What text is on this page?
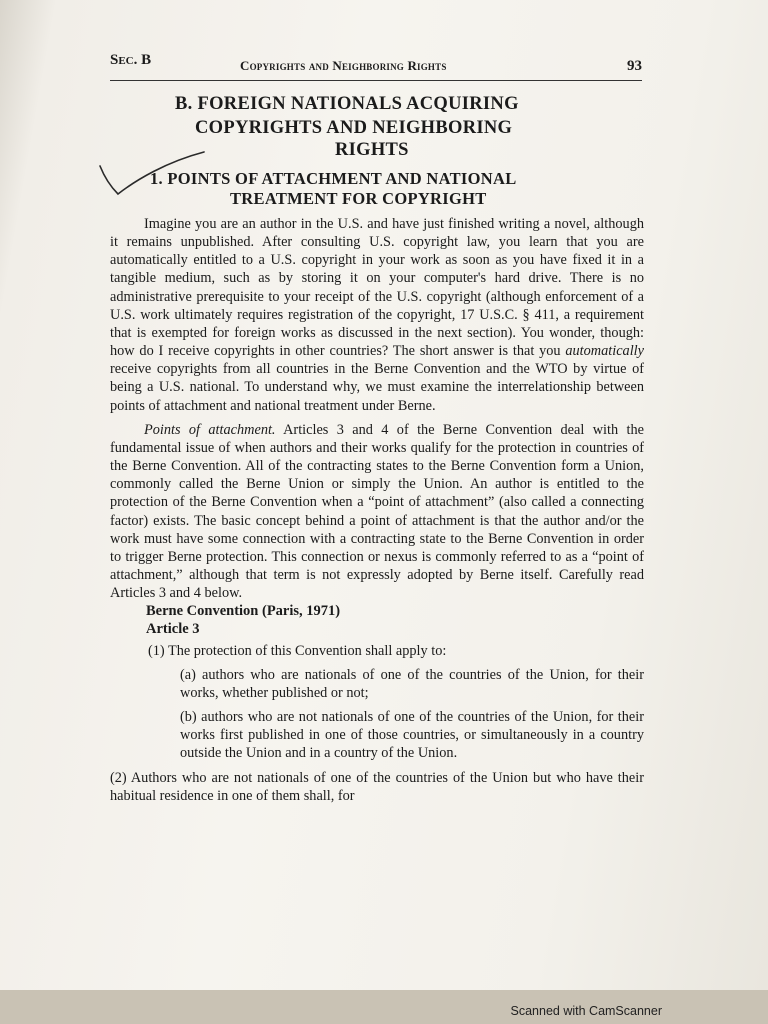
Sec. B	Copyrights and Neighboring Rights	93
B. FOREIGN NATIONALS ACQUIRING
COPYRIGHTS AND NEIGHBORING
RIGHTS
1. POINTS OF ATTACHMENT AND NATIONAL
TREATMENT FOR COPYRIGHT

Imagine you are an author in the U.S. and have just finished writing a novel, although it remains unpublished. After consulting U.S. copyright law, you learn that you are automatically entitled to a U.S. copyright in your work as soon as you have fixed it in a tangible medium, such as by storing it on your computer's hard drive. There is no administrative prerequisite to your receipt of the U.S. copyright (although enforcement of a U.S. work ultimately requires registration of the copyright, 17 U.S.C. § 411, a requirement that is exempted for foreign works as discussed in the next section). You wonder, though: how do I receive copyrights in other countries? The short answer is that you automatically receive copyrights from all countries in the Berne Convention and the WTO by virtue of being a U.S. national. To understand why, we must examine the interrelationship between points of attachment and national treatment under Berne.

Points of attachment. Articles 3 and 4 of the Berne Convention deal with the fundamental issue of when authors and their works qualify for the protection in countries of the Berne Convention. All of the contracting states to the Berne Convention form a Union, commonly called the Berne Union or simply the Union. An author is entitled to the protection of the Berne Convention when a “point of attachment” (also called a connecting factor) exists. The basic concept behind a point of attachment is that the author and/or the work must have some connection with a contracting state to the Berne Convention in order to trigger Berne protection. This connection or nexus is commonly referred to as a “point of attachment,” although that term is not expressly adopted by Berne itself. Carefully read Articles 3 and 4 below.

Berne Convention (Paris, 1971)

Article 3

(1) The protection of this Convention shall apply to:

(a) authors who are nationals of one of the countries of the Union, for their works, whether published or not;

(b) authors who are not nationals of one of the countries of the Union, for their works first published in one of those countries, or simultaneously in a country outside the Union and in a country of the Union.

(2) Authors who are not nationals of one of the countries of the Union but who have their habitual residence in one of them shall, for

Scanned with CamScanner
